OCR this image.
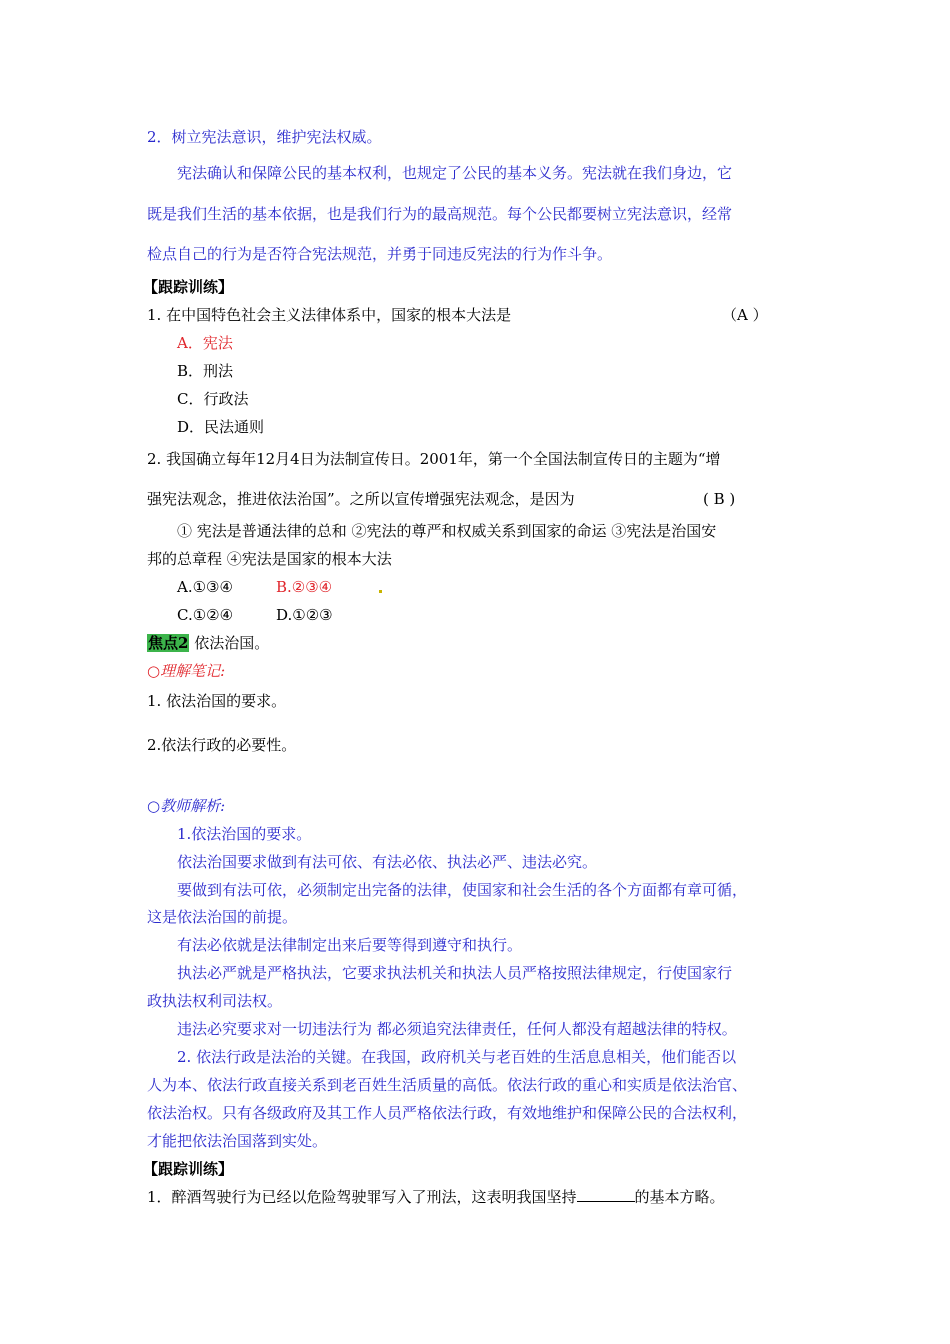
2．树立宪法意识，维护宪法权威。
宪法确认和保障公民的基本权利，也规定了公民的基本义务。宪法就在我们身边，它
既是我们生活的基本依据，也是我们行为的最高规范。每个公民都要树立宪法意识，经常
检点自己的行为是否符合宪法规范，并勇于同违反宪法的行为作斗争。
【跟踪训练】
1. 在中国特色社会主义法律体系中，国家的根本大法是	（A ）
A．宪法
B．刑法
C．行政法
D．民法通则
2. 我国确立每年12月4日为法制宣传日。2001年，第一个全国法制宣传日的主题为“增
强宪法观念，推进依法治国”。之所以宣传增强宪法观念，是因为	( B )
① 宪法是普通法律的总和 ②宪法的尊严和权威关系到国家的命运 ③宪法是治国安
邦的总章程 ④宪法是国家的根本大法
A.①③④	B.②③④
C.①②④	D.①②③
焦点2 依法治国。
○理解笔记:
1. 依法治国的要求。
2.依法行政的必要性。
○教师解析:
1.依法治国的要求。
依法治国要求做到有法可依、有法必依、执法必严、违法必究。
要做到有法可依，必须制定出完备的法律，使国家和社会生活的各个方面都有章可循，
这是依法治国的前提。
有法必依就是法律制定出来后要等得到遵守和执行。
执法必严就是严格执法，它要求执法机关和执法人员严格按照法律规定，行使国家行
政执法权利司法权。
违法必究要求对一切违法行为 都必须追究法律责任，任何人都没有超越法律的特权。
2. 依法行政是法治的关键。在我国，政府机关与老百姓的生活息息相关，他们能否以
人为本、依法行政直接关系到老百姓生活质量的高低。依法行政的重心和实质是依法治官、
依法治权。只有各级政府及其工作人员严格依法行政，有效地维护和保障公民的合法权利，
才能把依法治国落到实处。
【跟踪训练】
1．醉酒驾驶行为已经以危险驾驶罪写入了刑法，这表明我国坚持	的基本方略。
